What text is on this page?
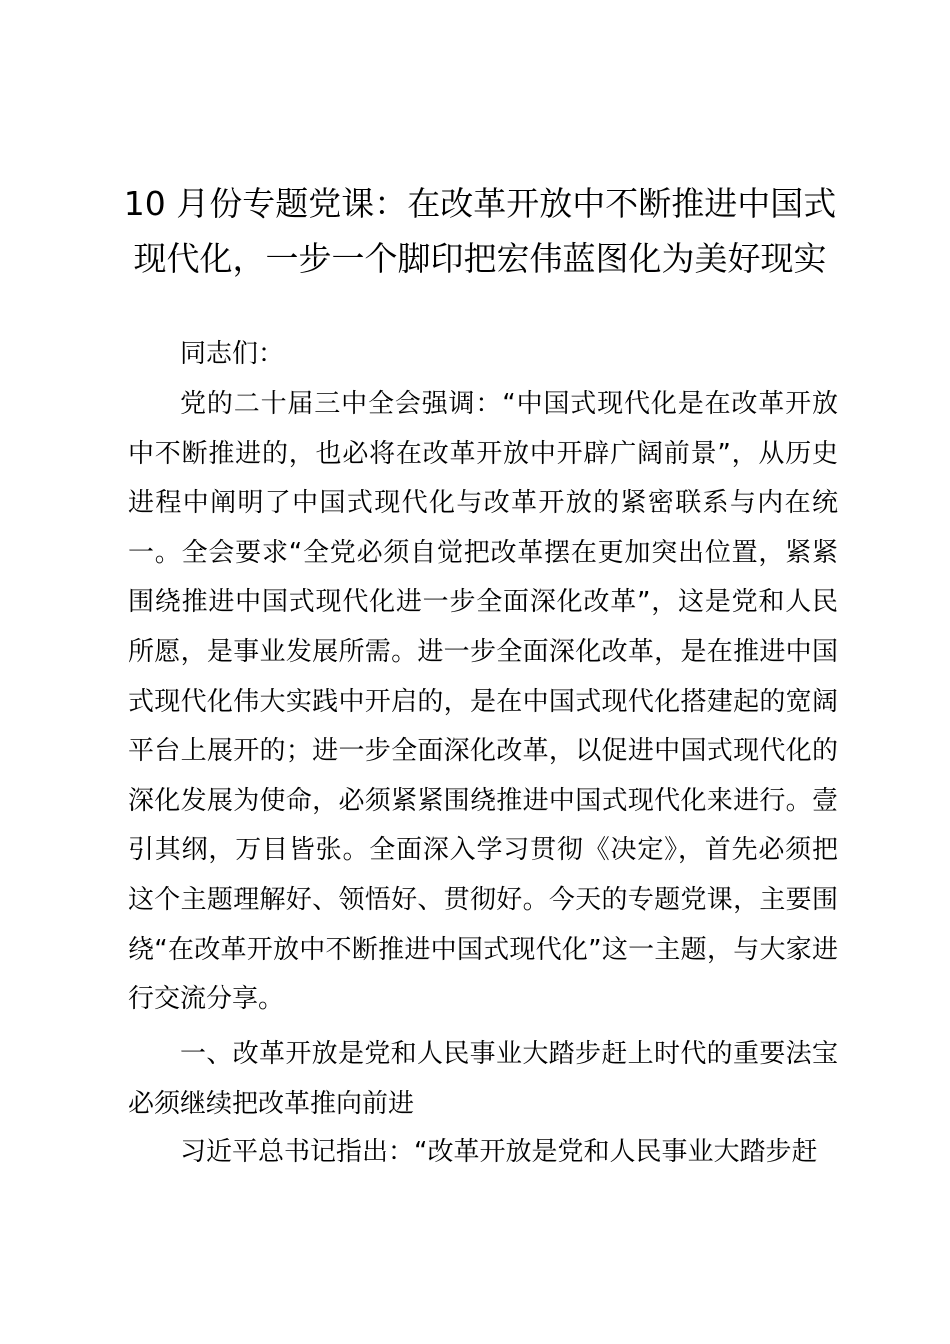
10 月份专题党课：在改革开放中不断推进中国式现代化，一步一个脚印把宏伟蓝图化为美好现实

同志们：

党的二十届三中全会强调：“中国式现代化是在改革开放中不断推进的，也必将在改革开放中开辟广阔前景”，从历史进程中阐明了中国式现代化与改革开放的紧密联系与内在统一。全会要求“全党必须自觉把改革摆在更加突出位置，紧紧围绕推进中国式现代化进一步全面深化改革”，这是党和人民所愿，是事业发展所需。进一步全面深化改革，是在推进中国式现代化伟大实践中开启的，是在中国式现代化搭建起的宽阔平台上展开的；进一步全面深化改革，以促进中国式现代化的深化发展为使命，必须紧紧围绕推进中国式现代化来进行。壹引其纲，万目皆张。全面深入学习贯彻《决定》，首先必须把这个主题理解好、领悟好、贯彻好。今天的专题党课，主要围绕“在改革开放中不断推进中国式现代化”这一主题，与大家进行交流分享。

一、改革开放是党和人民事业大踏步赶上时代的重要法宝必须继续把改革推向前进

习近平总书记指出：“改革开放是党和人民事业大踏步赶
